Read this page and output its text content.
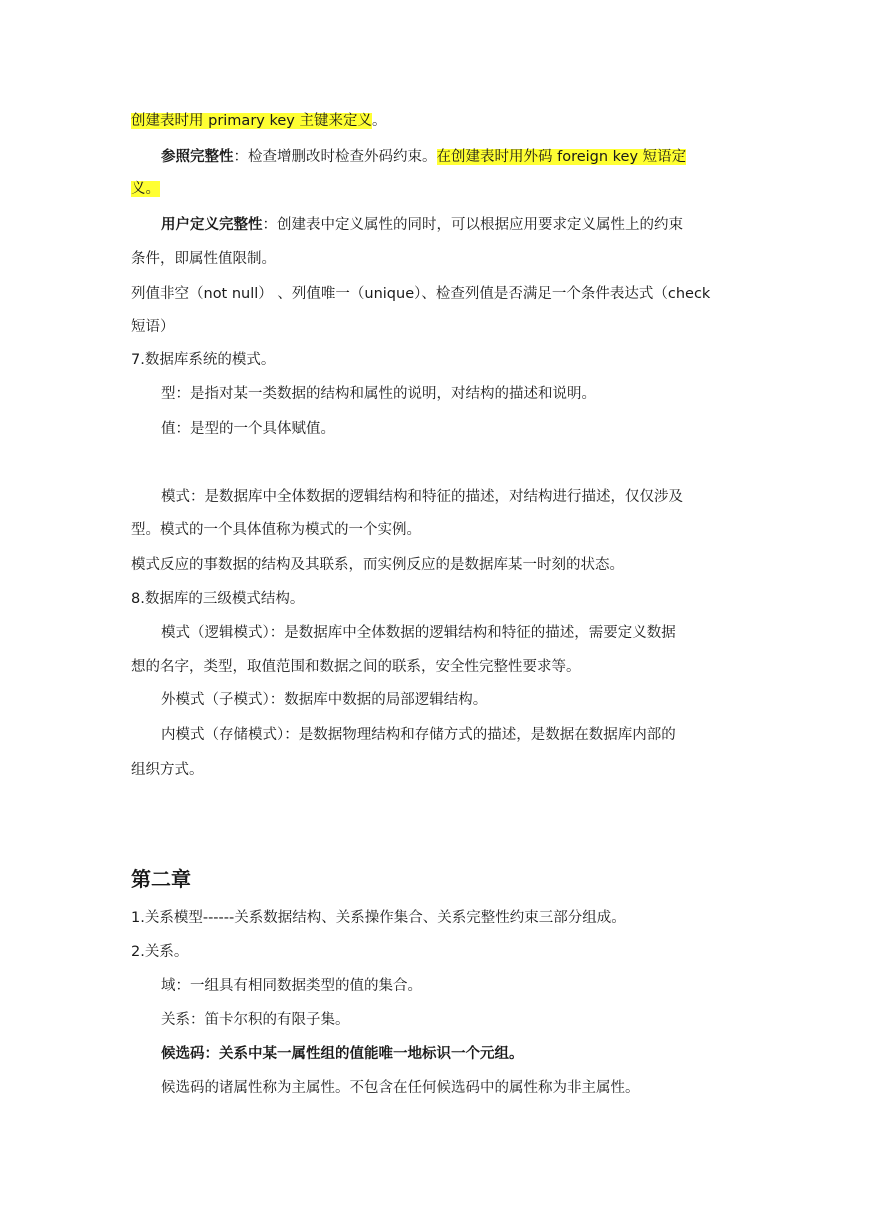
创建表时用 primary key 主键来定义。
参照完整性：检查增删改时检查外码约束。在创建表时用外码 foreign key 短语定
义。
用户定义完整性：创建表中定义属性的同时，可以根据应用要求定义属性上的约束
条件，即属性值限制。
列值非空（not null） 、列值唯一（unique）、检查列值是否满足一个条件表达式（check
短语）
7.数据库系统的模式。
型：是指对某一类数据的结构和属性的说明，对结构的描述和说明。
值：是型的一个具体赋值。
模式：是数据库中全体数据的逻辑结构和特征的描述，对结构进行描述，仅仅涉及
型。模式的一个具体值称为模式的一个实例。
模式反应的事数据的结构及其联系，而实例反应的是数据库某一时刻的状态。
8.数据库的三级模式结构。
模式（逻辑模式）：是数据库中全体数据的逻辑结构和特征的描述，需要定义数据
想的名字，类型，取值范围和数据之间的联系，安全性完整性要求等。
外模式（子模式）：数据库中数据的局部逻辑结构。
内模式（存储模式）：是数据物理结构和存储方式的描述，是数据在数据库内部的
组织方式。
第二章
1.关系模型------关系数据结构、关系操作集合、关系完整性约束三部分组成。
2.关系。
域：一组具有相同数据类型的值的集合。
关系：笛卡尔积的有限子集。
候选码：关系中某一属性组的值能唯一地标识一个元组。
候选码的诸属性称为主属性。不包含在任何候选码中的属性称为非主属性。
